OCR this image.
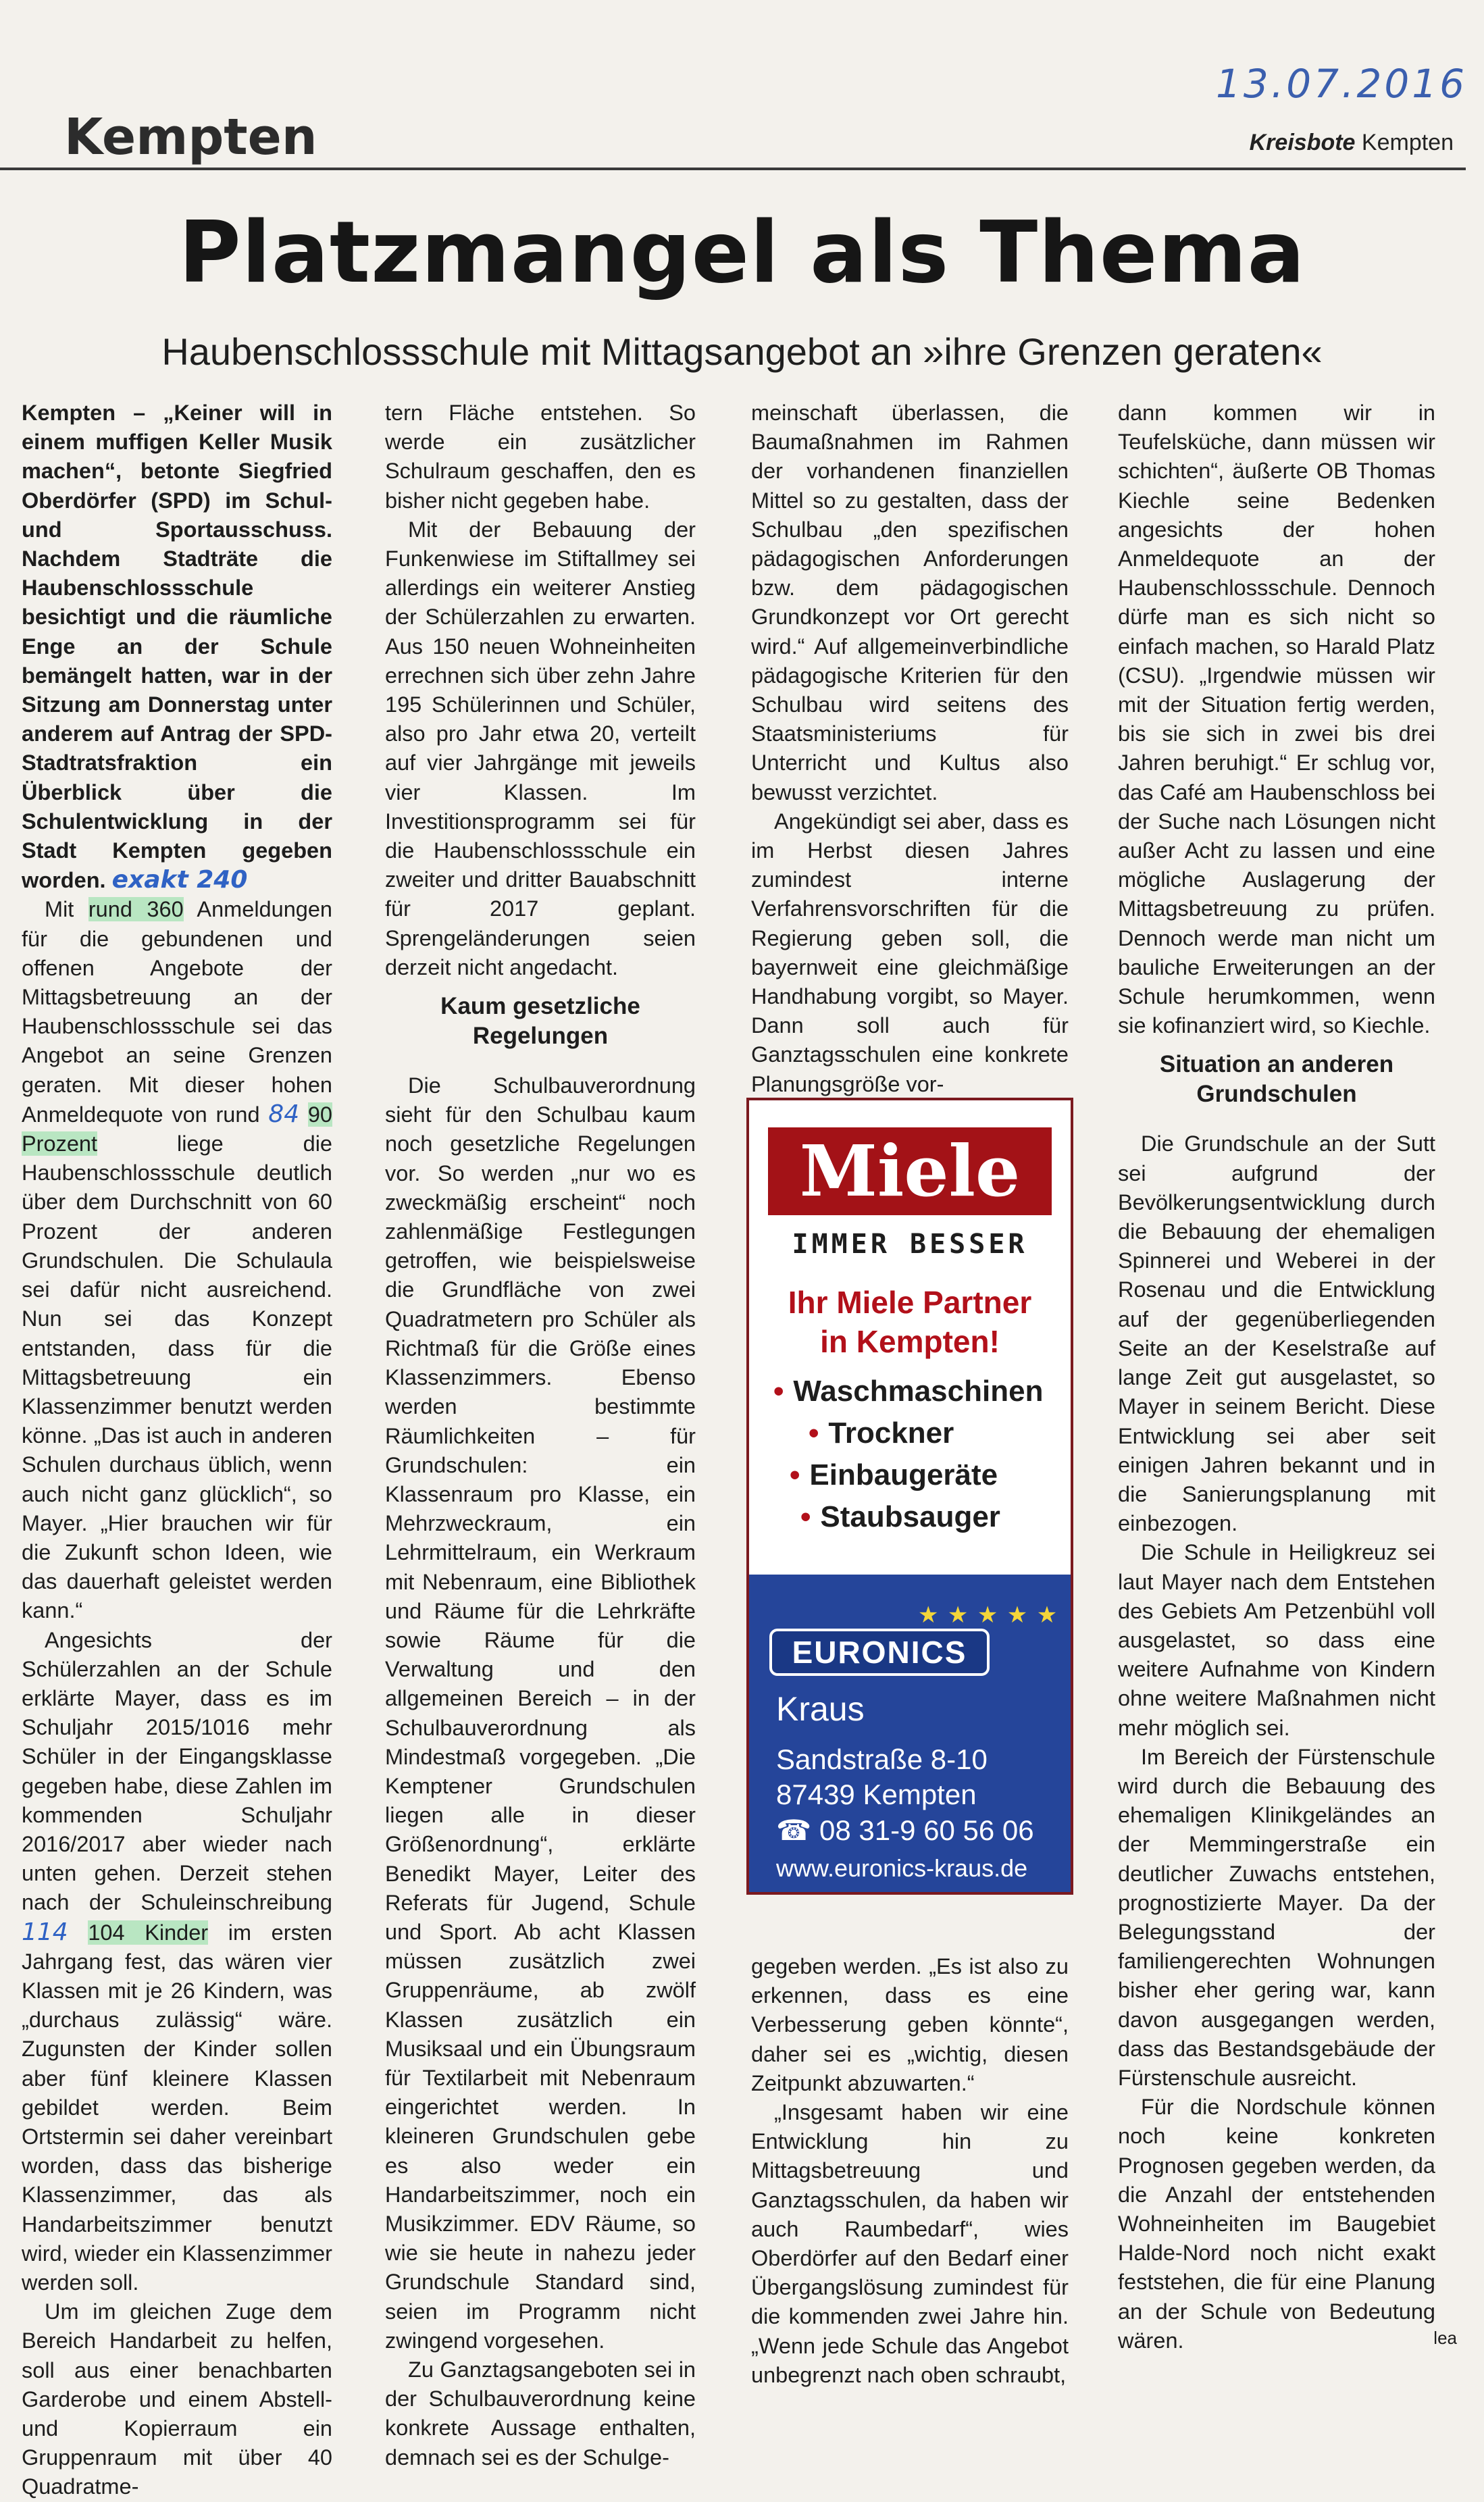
13.07.2016
Kempten	Kreisbote Kempten
Platzmangel als Thema
Haubenschlossschule mit Mittagsangebot an »ihre Grenzen geraten«

Kempten – „Keiner will in einem muffigen Keller Musik machen“, betonte Siegfried Oberdörfer (SPD) im Schul- und Sportausschuss. Nachdem Stadträte die Haubenschlossschule besichtigt und die räumliche Enge an der Schule bemängelt hatten, war in der Sitzung am Donnerstag unter anderem auf Antrag der SPD-Stadtratsfraktion ein Überblick über die Schulentwicklung in der Stadt Kempten gegeben worden. exakt 240

Mit rund 360 Anmeldungen für die gebundenen und offenen Angebote der Mittagsbetreuung an der Haubenschlossschule sei das Angebot an seine Grenzen geraten. Mit dieser hohen Anmeldequote von rund 84 90 Prozent	liege die Haubenschlossschule deutlich über dem Durchschnitt von 60 Prozent der anderen Grundschulen. Die Schulaula sei dafür nicht ausreichend. Nun sei das Konzept entstanden, dass für die Mittagsbetreuung ein Klassenzimmer benutzt werden könne. „Das ist auch in anderen Schulen durchaus üblich, wenn auch nicht ganz glücklich“, so Mayer. „Hier brauchen wir für die Zukunft schon Ideen, wie das dauerhaft geleistet werden kann.“

Angesichts der Schülerzahlen an der Schule erklärte Mayer, dass es im Schuljahr 2015/1016 mehr Schüler in der Eingangsklasse gegeben habe, diese Zahlen im kommenden Schuljahr 2016/2017 aber wieder nach unten gehen. Derzeit stehen nach der Schuleinschreibung 114 104 Kinder im ersten Jahrgang fest, das wären vier Klassen mit je 26 Kindern, was „durchaus zulässig“ wäre. Zugunsten der Kinder sollen aber fünf kleinere Klassen gebildet werden. Beim Ortstermin sei daher vereinbart worden, dass das bisherige Klassenzimmer, das als Handarbeitszimmer benutzt wird, wieder ein Klassenzimmer werden soll.

Um im gleichen Zuge dem Bereich Handarbeit zu helfen, soll aus einer benachbarten Garderobe und einem Abstell- und Kopierraum ein Gruppenraum mit über 40 Quadratme-

tern Fläche entstehen. So werde ein zusätzlicher Schulraum geschaffen, den es bisher nicht gegeben habe.

Mit der Bebauung der Funkenwiese im Stiftallmey sei allerdings ein weiterer Anstieg der Schülerzahlen zu erwarten. Aus 150 neuen Wohneinheiten errechnen sich über zehn Jahre 195 Schülerinnen und Schüler, also pro Jahr etwa 20, verteilt auf vier Jahrgänge mit jeweils vier Klassen. Im Investitionsprogramm sei für die Haubenschlossschule ein zweiter und dritter Bauabschnitt für 2017 geplant. Sprengeländerungen seien derzeit nicht angedacht.

Kaum gesetzliche Regelungen

Die Schulbauverordnung sieht für den Schulbau kaum noch gesetzliche Regelungen vor. So werden „nur wo es zweckmäßig erscheint“ noch zahlenmäßige Festlegungen getroffen, wie beispielsweise die Grundfläche von zwei Quadratmetern pro Schüler als Richtmaß für die Größe eines Klassenzimmers. Ebenso werden bestimmte Räumlichkeiten – für Grundschulen: ein Klassenraum pro Klasse, ein Mehrzweckraum, ein Lehrmittelraum, ein Werkraum mit Nebenraum, eine Bibliothek und Räume für die Lehrkräfte sowie Räume für die Verwaltung und den allgemeinen Bereich – in der Schulbauverordnung als Mindestmaß vorgegeben. „Die Kemptener Grundschulen liegen alle in dieser Größenordnung“, erklärte Benedikt Mayer, Leiter des Referats für Jugend, Schule und Sport. Ab acht Klassen müssen zusätzlich zwei Gruppenräume, ab zwölf Klassen zusätzlich ein Musiksaal und ein Übungsraum für Textilarbeit mit Nebenraum eingerichtet werden. In kleineren Grundschulen gebe es also weder ein Handarbeitszimmer, noch ein Musikzimmer. EDV Räume, so wie sie heute in nahezu jeder Grundschule Standard sind, seien im Programm nicht zwingend vorgesehen.

Zu Ganztagsangeboten sei in der Schulbauverordnung keine konkrete Aussage enthalten, demnach sei es der Schulge-

meinschaft überlassen, die Baumaßnahmen im Rahmen der vorhandenen finanziellen Mittel so zu gestalten, dass der Schulbau „den spezifischen pädagogischen Anforderungen bzw. dem pädagogischen Grundkonzept vor Ort gerecht wird.“ Auf allgemeinverbindliche pädagogische Kriterien für den Schulbau wird seitens des Staatsministeriums für Unterricht und Kultus also bewusst verzichtet.

Angekündigt sei aber, dass es im Herbst diesen Jahres zumindest interne Verfahrensvorschriften für die Regierung geben soll, die bayernweit eine gleichmäßige Handhabung vorgibt, so Mayer. Dann soll auch für Ganztagsschulen eine konkrete Planungsgröße vor-

gegeben werden. „Es ist also zu erkennen, dass es eine Verbesserung geben könnte“, daher sei es „wichtig, diesen Zeitpunkt abzuwarten.“

„Insgesamt haben wir eine Entwicklung hin zu Mittagsbetreuung und Ganztagsschulen, da haben wir auch Raumbedarf“, wies Oberdörfer auf den Bedarf einer Übergangslösung zumindest für die kommenden zwei Jahre hin. „Wenn jede Schule das Angebot unbegrenzt nach oben schraubt,

Miele
IMMER BESSER
Ihr Miele Partner
in Kempten!
• Waschmaschinen
• Trockner
• Einbaugeräte
• Staubsauger
★ ★ ★ ★ ★
EURONICS
Kraus
Sandstraße 8-10
87439 Kempten
☎ 08 31-9 60 56 06
www.euronics-kraus.de

dann kommen wir in Teufelsküche, dann müssen wir schichten“, äußerte OB Thomas Kiechle seine Bedenken angesichts der hohen Anmeldequote an der Haubenschlossschule. Dennoch dürfe man es sich nicht so einfach machen, so Harald Platz (CSU). „Irgendwie müssen wir mit der Situation fertig werden, bis sie sich in zwei bis drei Jahren beruhigt.“ Er schlug vor, das Café am Haubenschloss bei der Suche nach Lösungen nicht außer Acht zu lassen und eine mögliche Auslagerung der Mittagsbetreuung zu prüfen. Dennoch werde man nicht um bauliche Erweiterungen an der Schule herumkommen, wenn sie kofinanziert wird, so Kiechle.

Situation an anderen Grundschulen

Die Grundschule an der Sutt sei aufgrund der Bevölkerungsentwicklung durch die Bebauung der ehemaligen Spinnerei und Weberei in der Rosenau und die Entwicklung auf der gegenüberliegenden Seite an der Keselstraße auf lange Zeit gut ausgelastet, so Mayer in seinem Bericht. Diese Entwicklung sei aber seit einigen Jahren bekannt und in die Sanierungsplanung mit einbezogen.

Die Schule in Heiligkreuz sei laut Mayer nach dem Entstehen des Gebiets Am Petzenbühl voll ausgelastet, so dass eine weitere Aufnahme von Kindern ohne weitere Maßnahmen nicht mehr möglich sei.

Im Bereich der Fürstenschule wird durch die Bebauung des ehemaligen Klinikgeländes an der Memmingerstraße ein deutlicher Zuwachs entstehen, prognostizierte Mayer. Da der Belegungsstand der familiengerechten Wohnungen bisher eher gering war, kann davon ausgegangen werden, dass das Bestandsgebäude der Fürstenschule ausreicht.

Für die Nordschule können noch keine konkreten Prognosen gegeben werden, da die Anzahl der entstehenden Wohneinheiten im Baugebiet Halde-Nord noch nicht exakt feststehen, die für eine Planung an der Schule von Bedeutung wären.	lea
